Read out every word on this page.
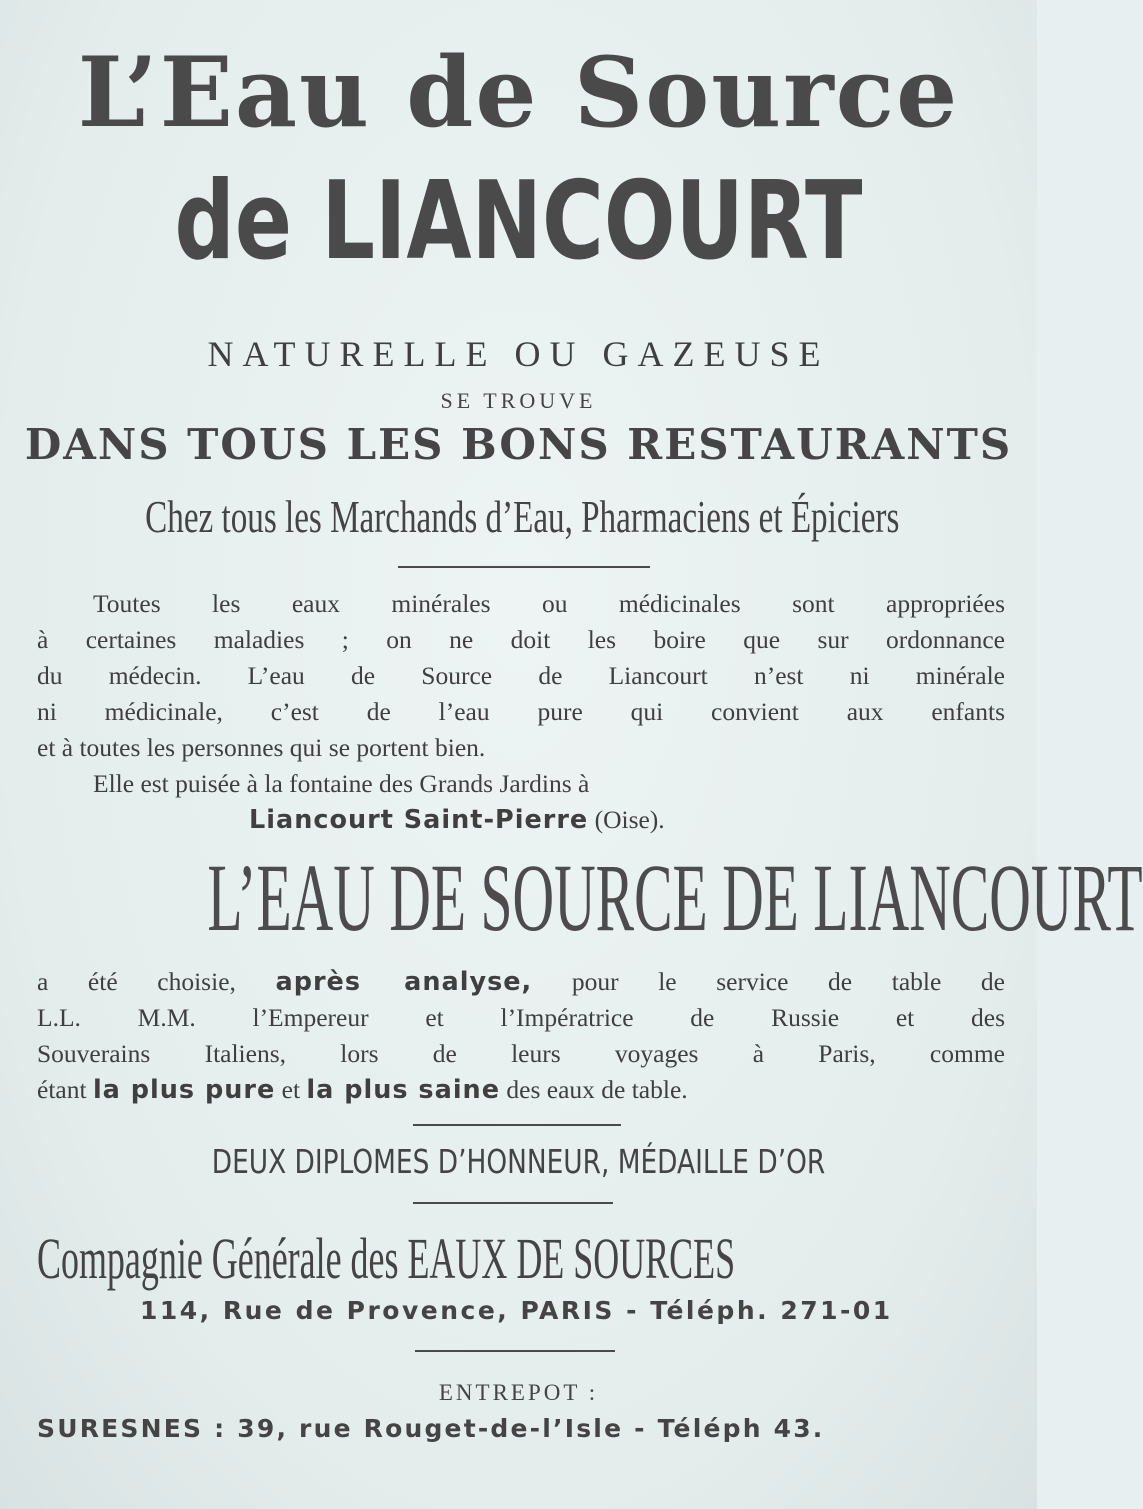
L’Eau de Source
de LIANCOURT
NATURELLE OU GAZEUSE
SE TROUVE
DANS TOUS LES BONS RESTAURANTS
Chez tous les Marchands d’Eau, Pharmaciens et Épiciers
Toutes les eaux minérales ou médicinales sont appropriées
à certaines maladies ; on ne doit les boire que sur ordonnance
du médecin. L’eau de Source de Liancourt n’est ni minérale
ni médicinale, c’est de l’eau pure qui convient aux enfants
et à toutes les personnes qui se portent bien.
Elle est puisée à la fontaine des Grands Jardins à
Liancourt Saint-Pierre (Oise).
L’EAU DE SOURCE DE LIANCOURT
a été choisie, après analyse, pour le service de table de
L.L. M.M. l’Empereur et l’Impératrice de Russie et des
Souverains Italiens, lors de leurs voyages à Paris, comme
étant la plus pure et la plus saine des eaux de table.
DEUX DIPLOMES D’HONNEUR, MÉDAILLE D’OR
Compagnie Générale des EAUX DE SOURCES
114, Rue de Provence, PARIS - Téléph. 271-01
ENTREPOT :
SURESNES : 39, rue Rouget-de-l’Isle - Téléph 43.
